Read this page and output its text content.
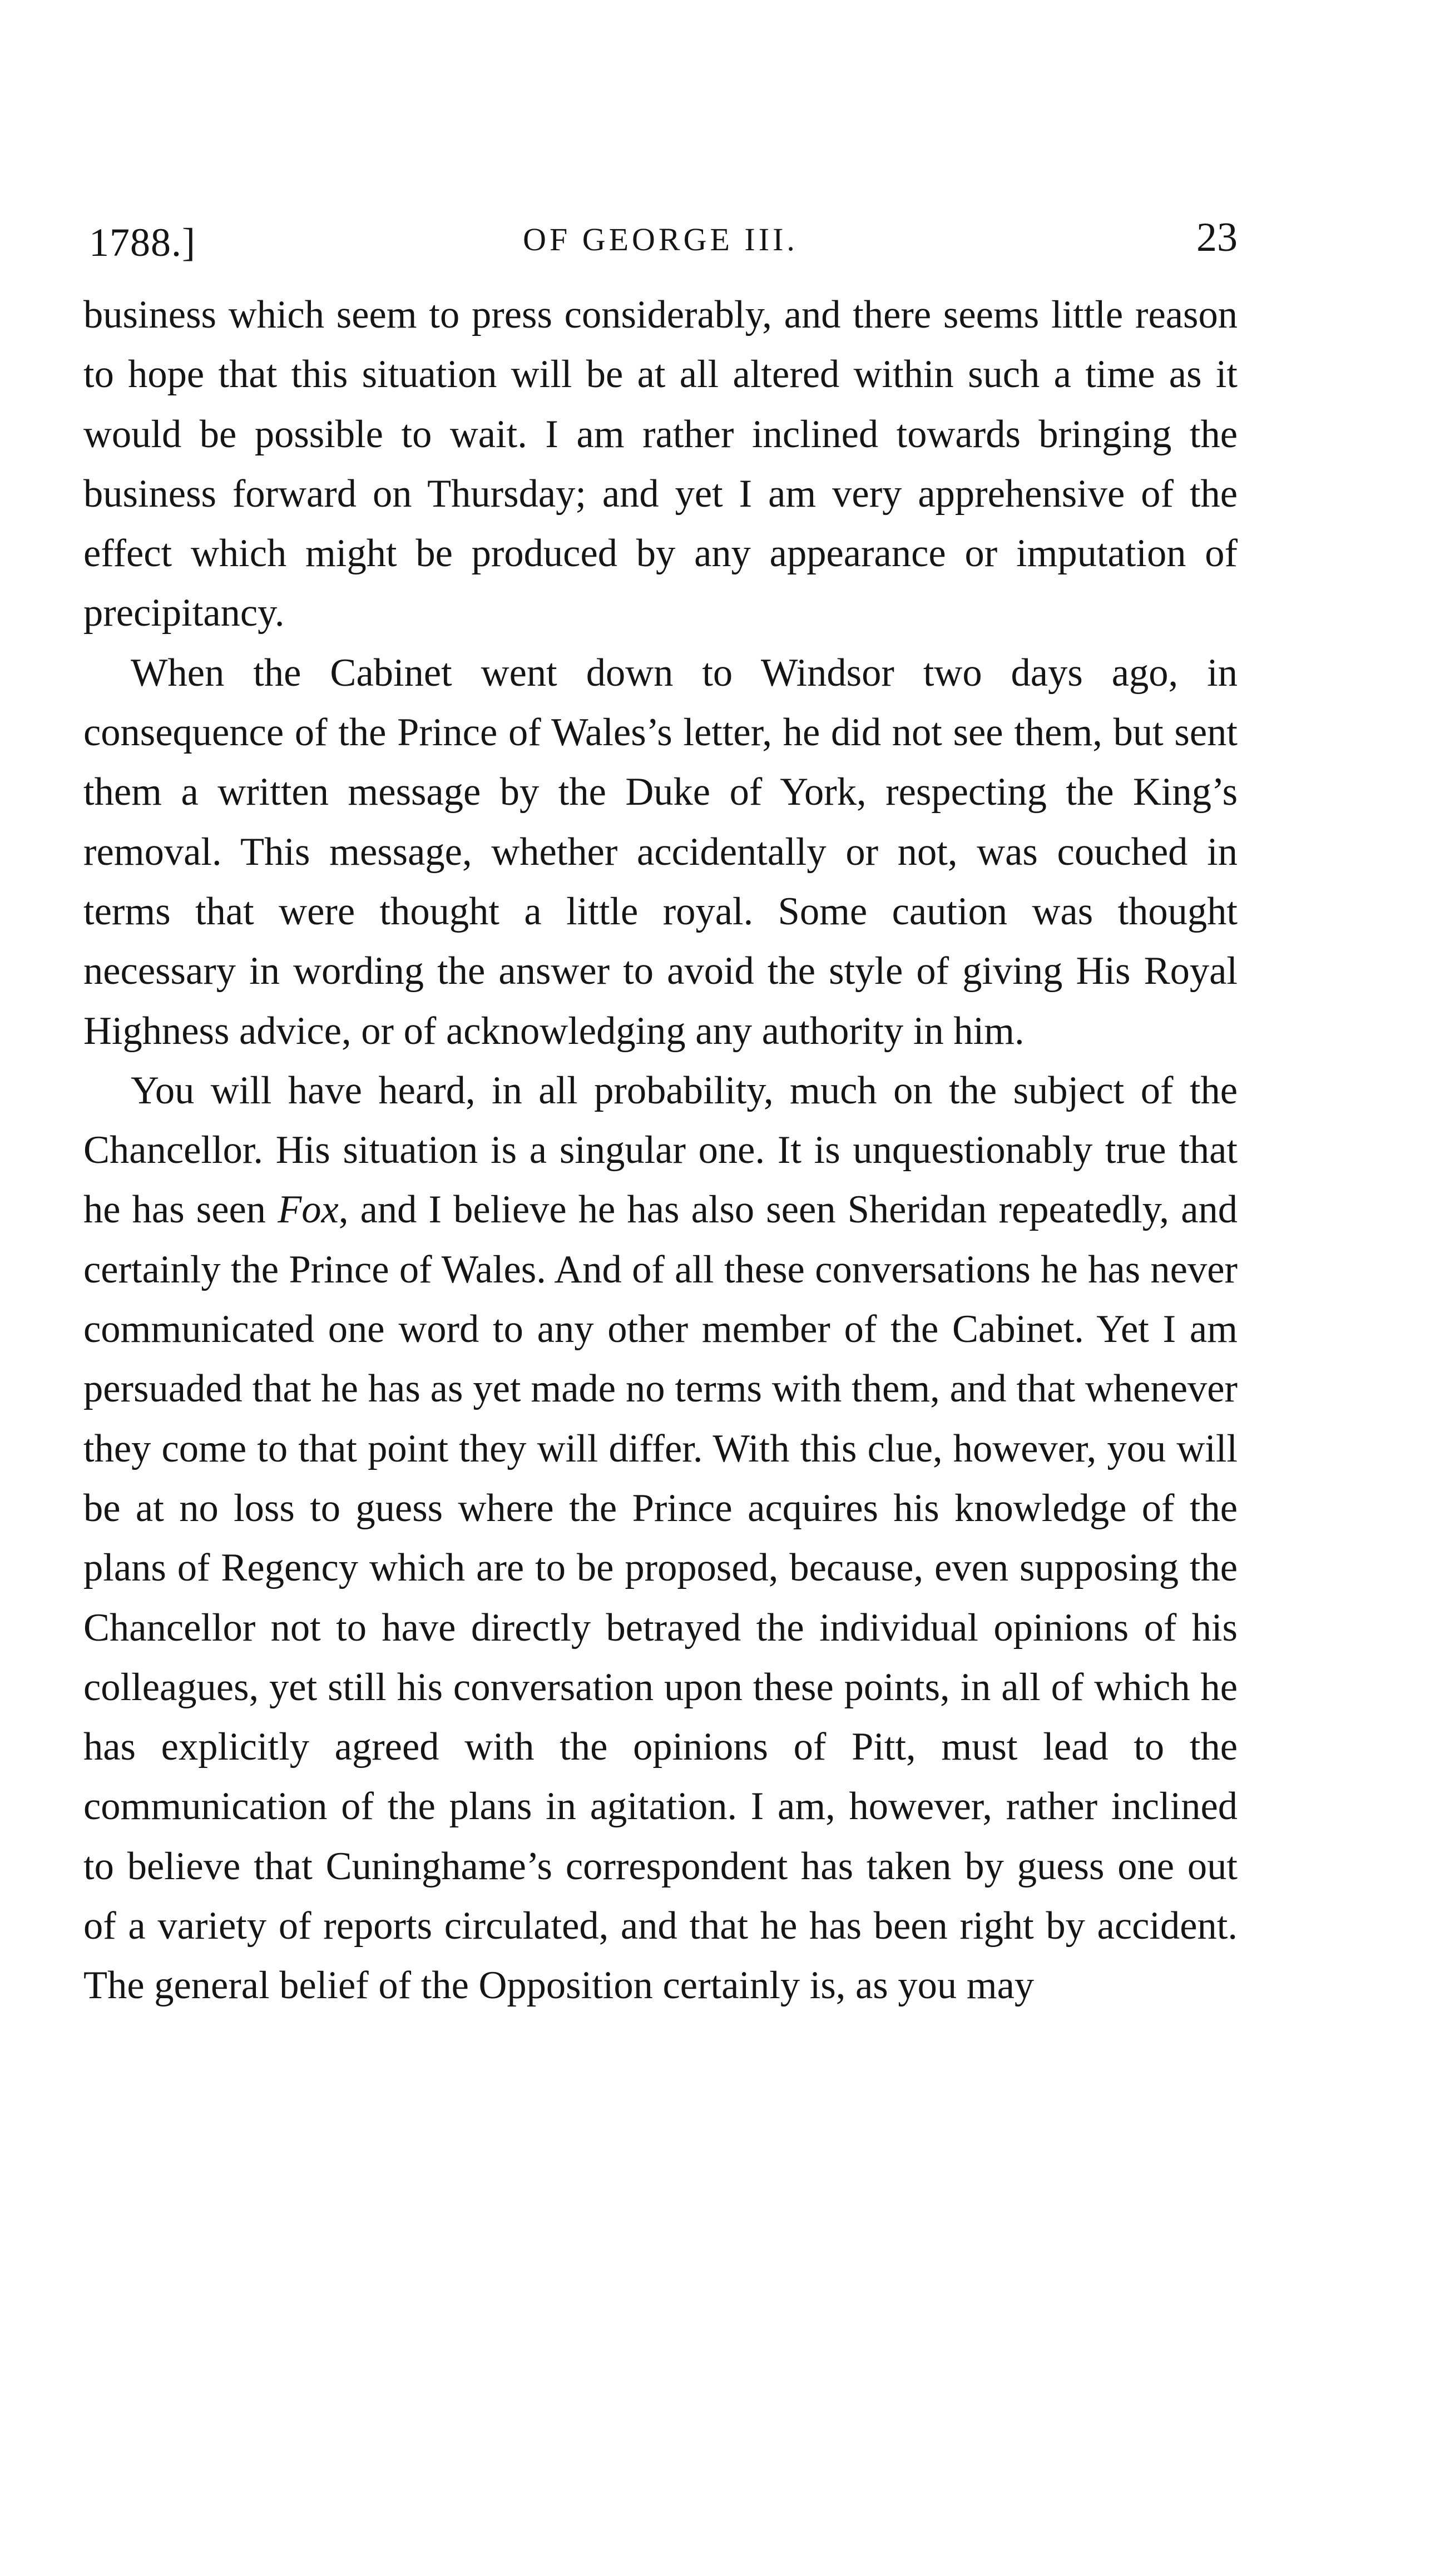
1788.]	OF GEORGE III.	23

business which seem to press considerably, and there seems little reason to hope that this situation will be at all altered within such a time as it would be possible to wait. I am rather inclined towards bringing the business forward on Thursday; and yet I am very apprehensive of the effect which might be produced by any appearance or imputation of precipitancy.

When the Cabinet went down to Windsor two days ago, in consequence of the Prince of Wales’s letter, he did not see them, but sent them a written message by the Duke of York, respecting the King’s removal. This message, whether accidentally or not, was couched in terms that were thought a little royal. Some caution was thought necessary in wording the answer to avoid the style of giving His Royal Highness advice, or of acknowledging any authority in him.

You will have heard, in all probability, much on the subject of the Chancellor. His situation is a singular one. It is unquestionably true that he has seen Fox, and I believe he has also seen Sheridan repeatedly, and certainly the Prince of Wales. And of all these conversations he has never communicated one word to any other member of the Cabinet. Yet I am persuaded that he has as yet made no terms with them, and that whenever they come to that point they will differ. With this clue, however, you will be at no loss to guess where the Prince acquires his knowledge of the plans of Regency which are to be proposed, because, even supposing the Chancellor not to have directly betrayed the individual opinions of his colleagues, yet still his conversation upon these points, in all of which he has explicitly agreed with the opinions of Pitt, must lead to the communication of the plans in agitation. I am, however, rather inclined to believe that Cuninghame’s correspondent has taken by guess one out of a variety of reports circulated, and that he has been right by accident. The general belief of the Opposition certainly is, as you may
